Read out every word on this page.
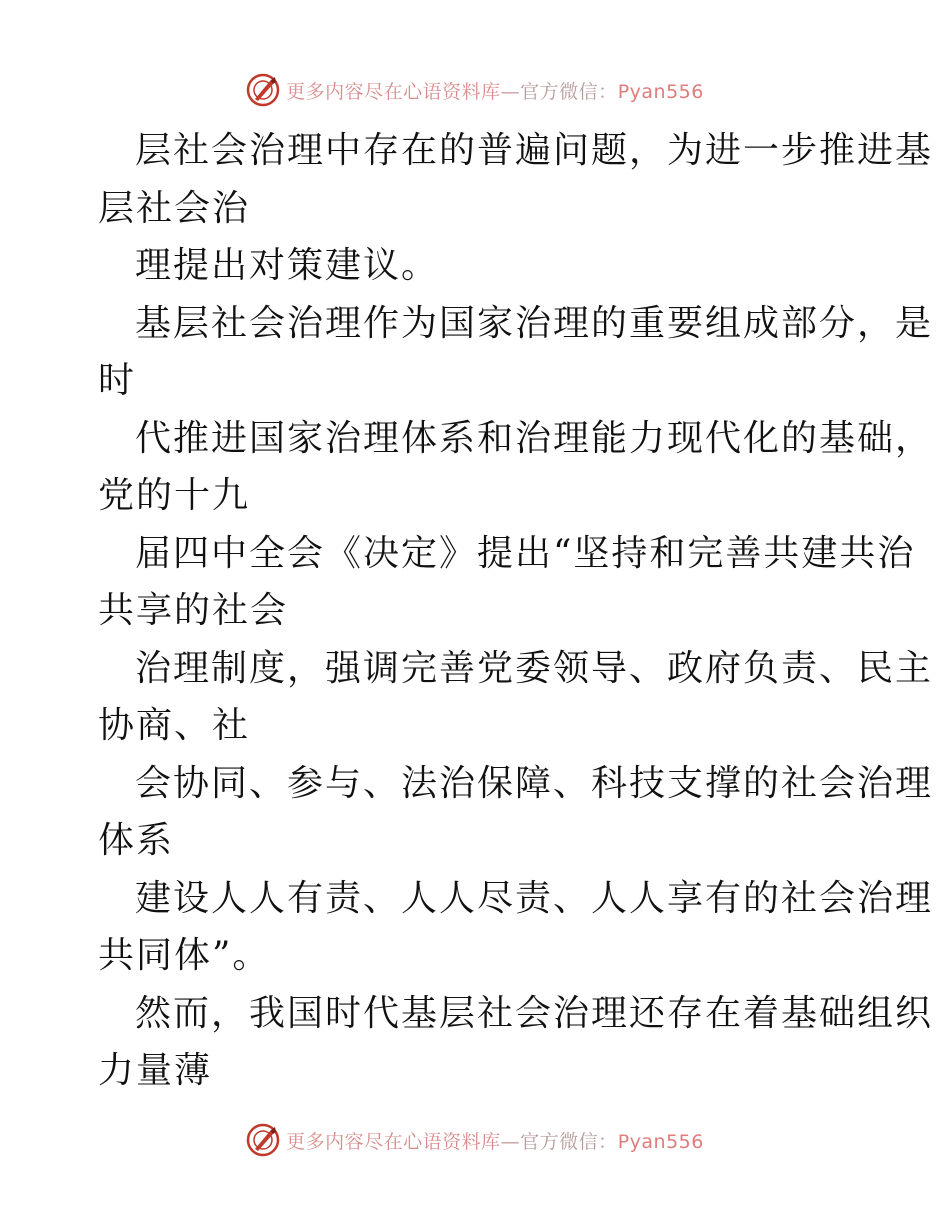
更多内容尽在心语资料库—官方微信：Pyan556
层社会治理中存在的普遍问题，为进一步推进基
层社会治
理提出对策建议。
基层社会治理作为国家治理的重要组成部分，是
时
代推进国家治理体系和治理能力现代化的基础，
党的十九
届四中全会《决定》提出“坚持和完善共建共治
共享的社会
治理制度，强调完善党委领导、政府负责、民主
协商、社
会协同、参与、法治保障、科技支撑的社会治理
体系
建设人人有责、人人尽责、人人享有的社会治理
共同体”。
然而，我国时代基层社会治理还存在着基础组织
力量薄
更多内容尽在心语资料库—官方微信：Pyan556
